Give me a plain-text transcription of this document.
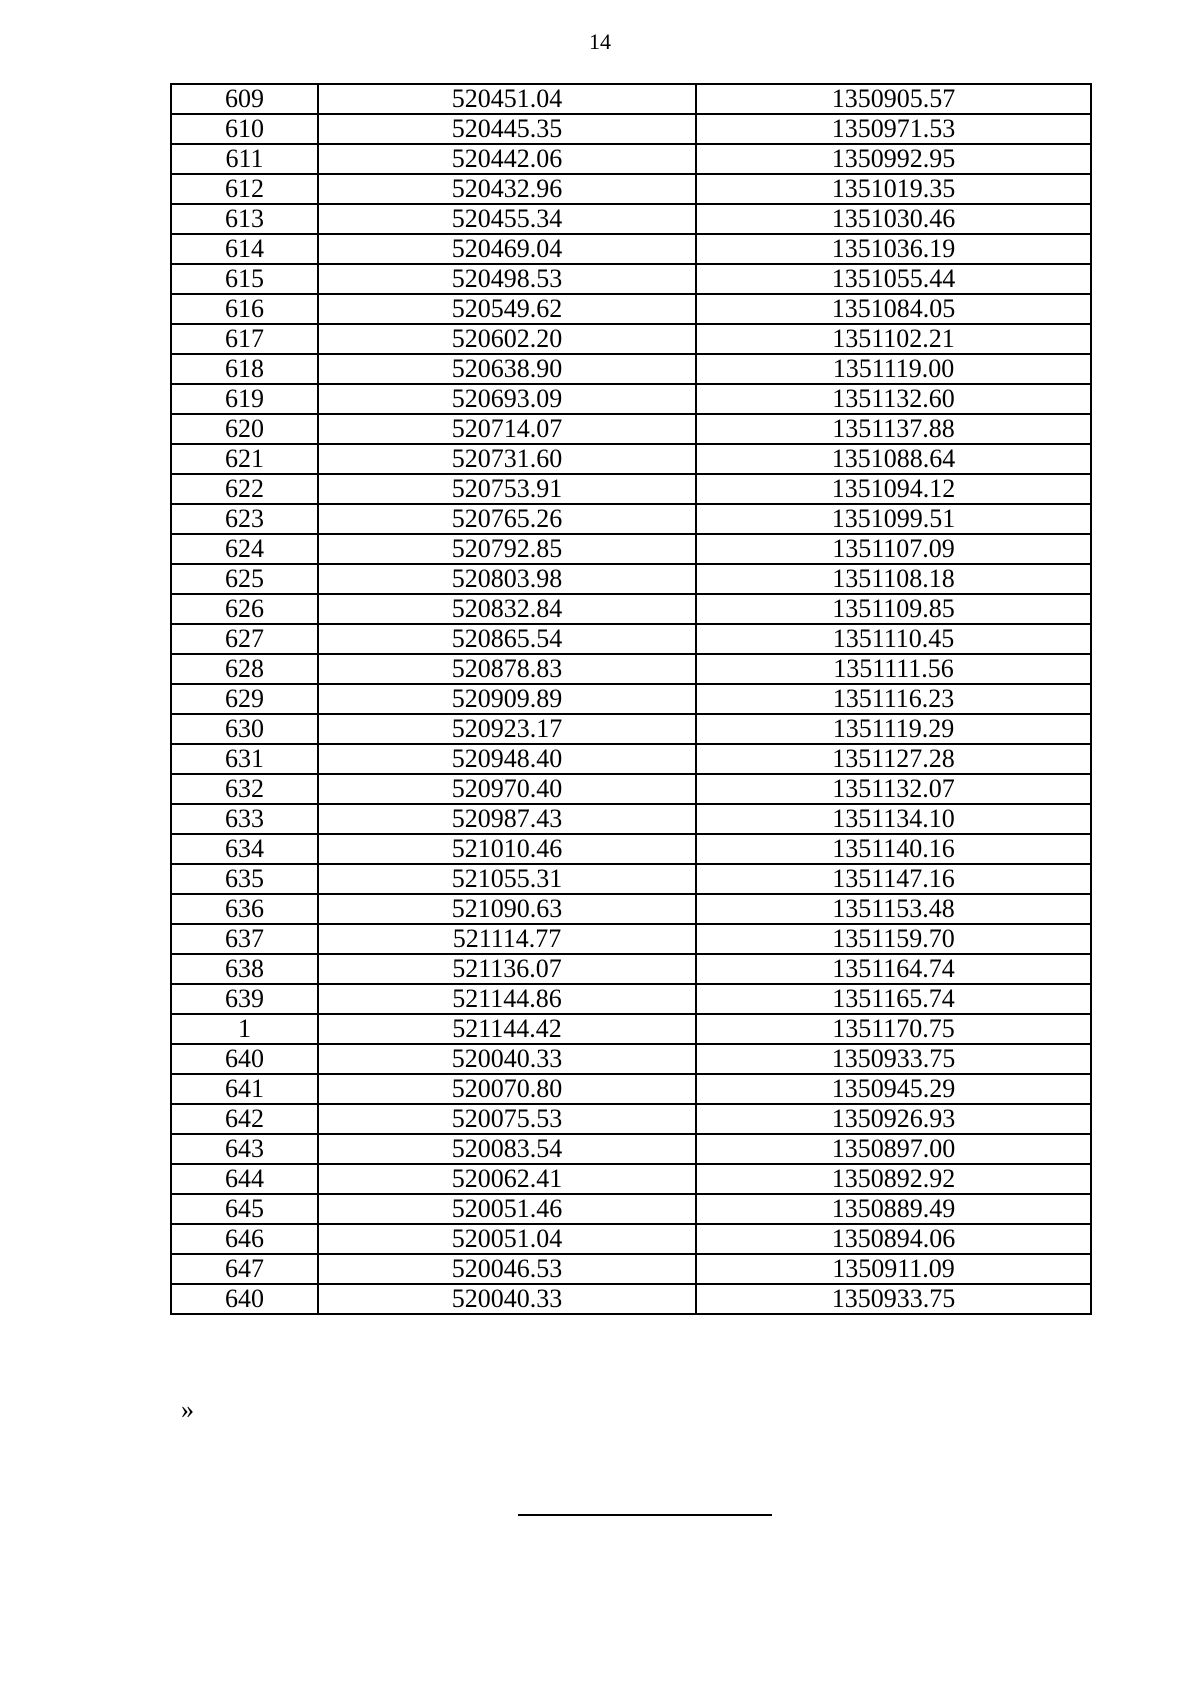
14
609	520451.04	1350905.57
610	520445.35	1350971.53
611	520442.06	1350992.95
612	520432.96	1351019.35
613	520455.34	1351030.46
614	520469.04	1351036.19
615	520498.53	1351055.44
616	520549.62	1351084.05
617	520602.20	1351102.21
618	520638.90	1351119.00
619	520693.09	1351132.60
620	520714.07	1351137.88
621	520731.60	1351088.64
622	520753.91	1351094.12
623	520765.26	1351099.51
624	520792.85	1351107.09
625	520803.98	1351108.18
626	520832.84	1351109.85
627	520865.54	1351110.45
628	520878.83	1351111.56
629	520909.89	1351116.23
630	520923.17	1351119.29
631	520948.40	1351127.28
632	520970.40	1351132.07
633	520987.43	1351134.10
634	521010.46	1351140.16
635	521055.31	1351147.16
636	521090.63	1351153.48
637	521114.77	1351159.70
638	521136.07	1351164.74
639	521144.86	1351165.74
1	521144.42	1351170.75
640	520040.33	1350933.75
641	520070.80	1350945.29
642	520075.53	1350926.93
643	520083.54	1350897.00
644	520062.41	1350892.92
645	520051.46	1350889.49
646	520051.04	1350894.06
647	520046.53	1350911.09
640	520040.33	1350933.75
»
